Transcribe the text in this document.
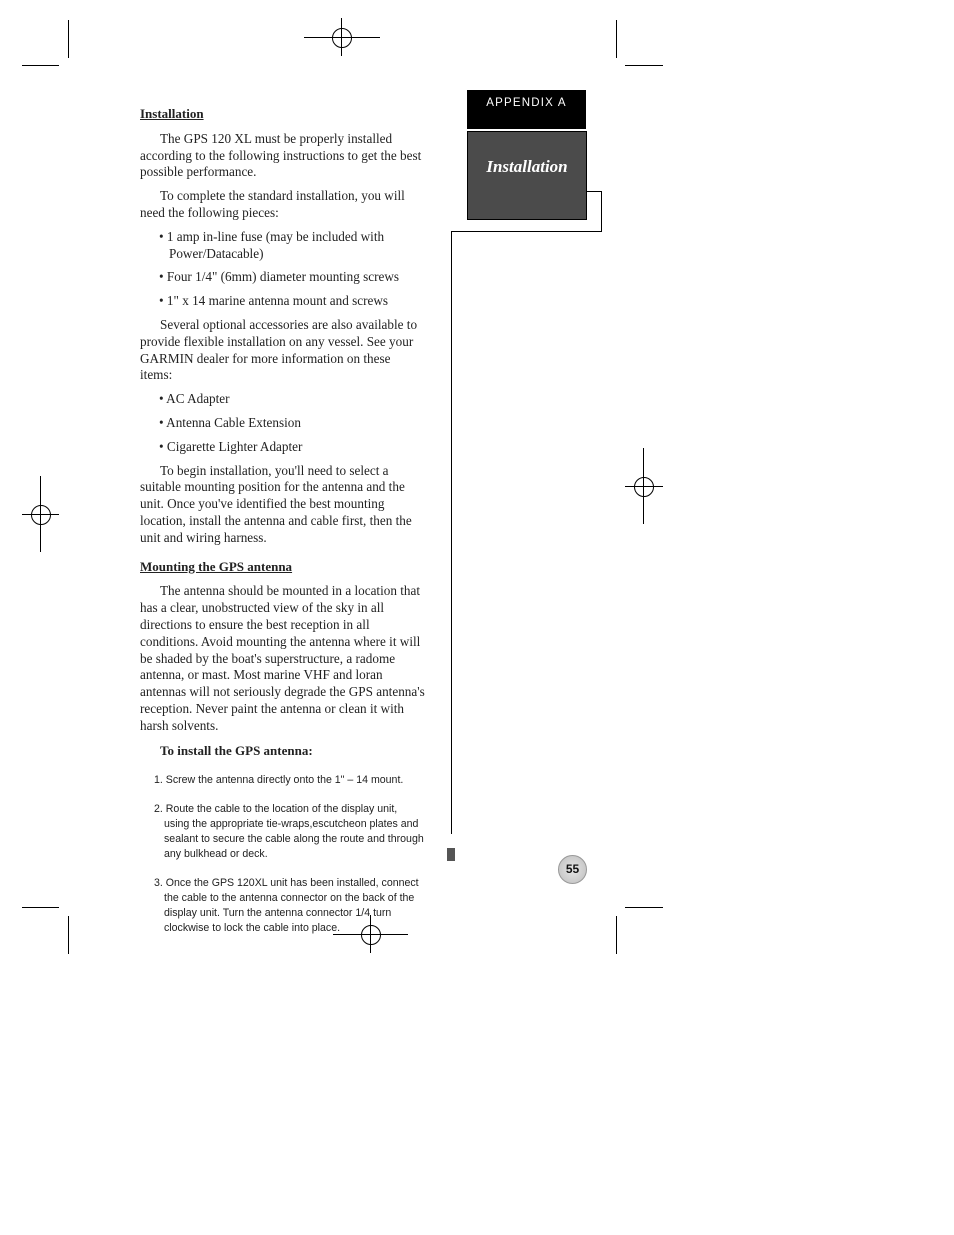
APPENDIX A
Installation
55

Installation

The GPS 120 XL must be properly installed according to the following instructions to get the best possible performance.

To complete the standard installation, you will need the following pieces:

• 1 amp in-line fuse (may be included with Power/Datacable)

• Four 1/4" (6mm) diameter mounting screws

• 1" x 14 marine antenna mount and screws

Several optional accessories are also available to provide flexible installation on any vessel. See your GARMIN dealer for more information on these items:

• AC Adapter

• Antenna Cable Extension

• Cigarette Lighter Adapter

To begin installation, you'll need to select a suitable mounting position for the antenna and the unit. Once you've identified the best mounting location, install the antenna and cable first, then the unit and wiring harness.

Mounting the GPS antenna

The antenna should be mounted in a location that has a clear, unobstructed view of the sky in all directions to ensure the best reception in all conditions. Avoid mounting the antenna where it will be shaded by the boat's superstructure, a radome antenna, or mast. Most marine VHF and loran antennas will not seriously degrade the GPS antenna's reception. Never paint the antenna or clean it with harsh solvents.

To install the GPS antenna:

1. Screw the antenna directly onto the 1" – 14 mount.

2. Route the cable to the location of the display unit, using the appropriate tie-wraps,escutcheon plates and sealant to secure the cable along the route and through any bulkhead or deck.

3. Once the GPS 120XL unit has been installed, connect the cable to the antenna connector on the back of the display unit. Turn the antenna connector 1/4 turn clockwise to lock the cable into place.
